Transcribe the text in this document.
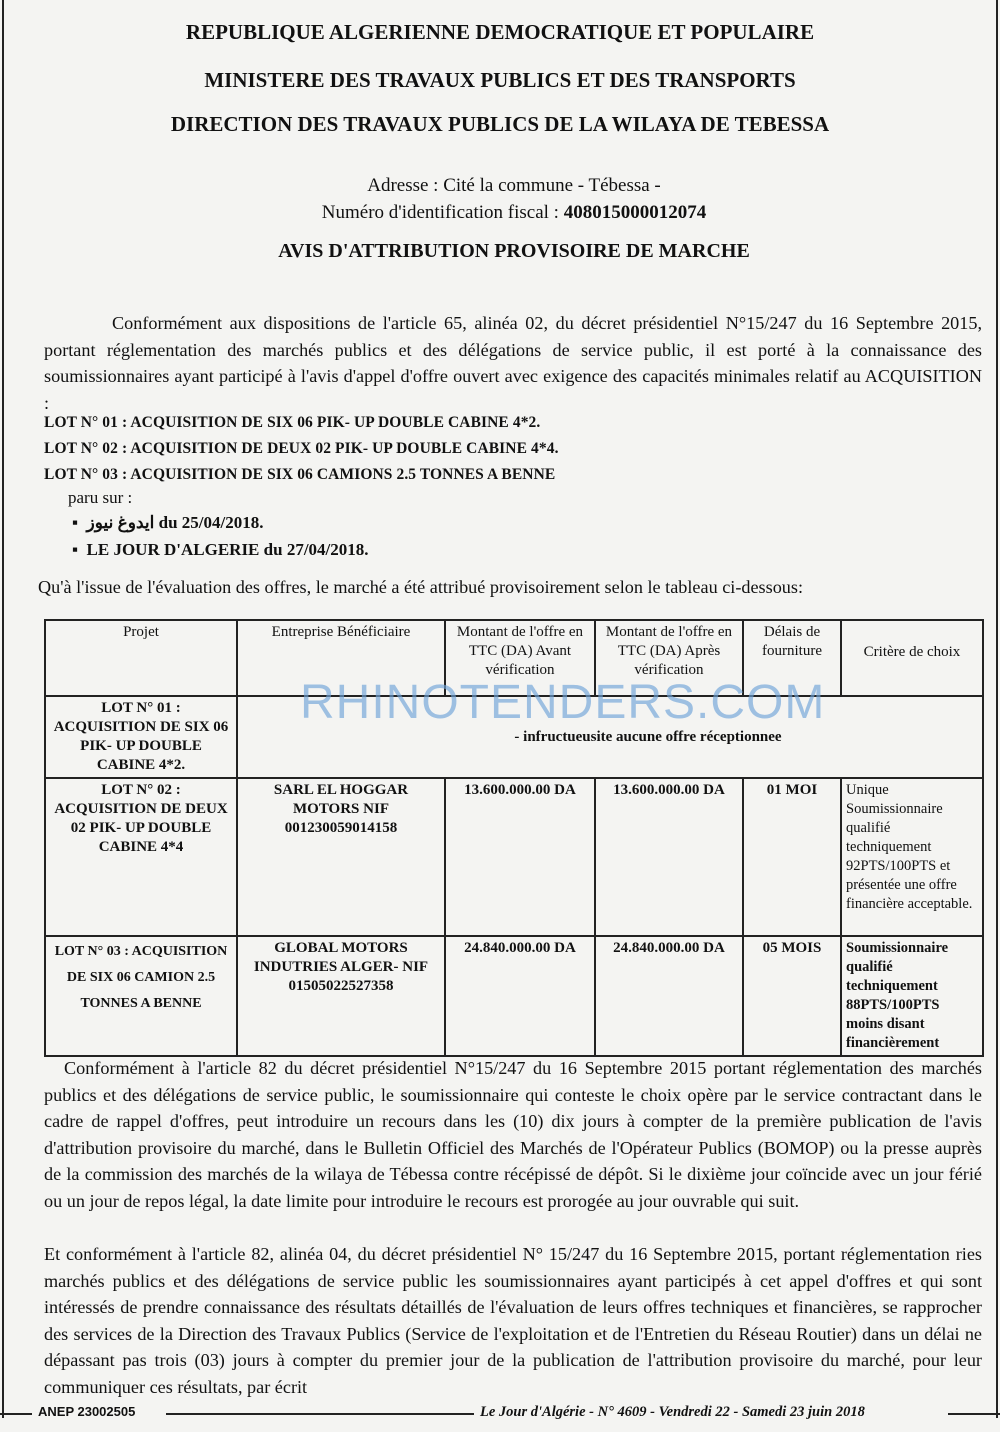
REPUBLIQUE ALGERIENNE DEMOCRATIQUE ET POPULAIRE
MINISTERE DES TRAVAUX PUBLICS ET DES TRANSPORTS
DIRECTION DES TRAVAUX PUBLICS DE LA WILAYA DE TEBESSA
Adresse : Cité la commune - Tébessa -
Numéro d'identification fiscal : 408015000012074
AVIS D'ATTRIBUTION PROVISOIRE DE MARCHE
Conformément aux dispositions de l'article 65, alinéa 02, du décret présidentiel N°15/247 du 16 Septembre 2015, portant réglementation des marchés publics et des délégations de service public, il est porté à la connaissance des soumissionnaires ayant participé à l'avis d'appel d'offre ouvert avec exigence des capacités minimales relatif au ACQUISITION :
LOT N° 01 : ACQUISITION DE SIX 06 PIK- UP DOUBLE CABINE 4*2.
LOT N° 02 : ACQUISITION DE DEUX 02 PIK- UP DOUBLE CABINE 4*4.
LOT N° 03 : ACQUISITION DE SIX 06 CAMIONS 2.5 TONNES A BENNE
paru sur :
▪  ايدوغ نيوز du 25/04/2018.
▪  LE JOUR D'ALGERIE du 27/04/2018.
Qu'à l'issue de l'évaluation des offres, le marché a été attribué provisoirement selon le tableau ci-dessous:
Projet	Entreprise Bénéficiaire	Montant de l'offre en TTC (DA) Avant vérification	Montant de l'offre en TTC (DA) Après vérification	Délais de fourniture	Critère de choix
LOT N° 01 : ACQUISITION DE SIX 06 PIK- UP DOUBLE CABINE 4*2.	- infructueusite aucune offre réceptionnee				
LOT N° 02 : ACQUISITION DE DEUX 02 PIK- UP DOUBLE CABINE 4*4	SARL EL HOGGAR MOTORS NIF 001230059014158	13.600.000.00 DA	13.600.000.00 DA	01 MOI	Unique Soumissionnaire qualifié techniquement 92PTS/100PTS et présentée une offre financière acceptable.
LOT N° 03 : ACQUISITION DE SIX 06 CAMION 2.5 TONNES A BENNE	GLOBAL MOTORS INDUTRIES ALGER- NIF 01505022527358	24.840.000.00 DA	24.840.000.00 DA	05 MOIS	Soumissionnaire qualifié techniquement 88PTS/100PTS moins disant financièrement
RHINOTENDERS.COM
Conformément à l'article 82 du décret présidentiel N°15/247 du 16 Septembre 2015 portant réglementation des marchés publics et des délégations de service public, le soumissionnaire qui conteste le choix opère par le service contractant dans le cadre de rappel d'offres, peut introduire un recours dans les (10) dix jours à compter de la première publication de l'avis d'attribution provisoire du marché, dans le Bulletin Officiel des Marchés de l'Opérateur Publics (BOMOP) ou la presse auprès de la commission des marchés de la wilaya de Tébessa contre récépissé de dépôt. Si le dixième jour coïncide avec un jour férié ou un jour de repos légal, la date limite pour introduire le recours est prorogée au jour ouvrable qui suit.
Et conformément à l'article 82, alinéa 04, du décret présidentiel N° 15/247 du 16 Septembre 2015, portant réglementation ries marchés publics et des délégations de service public les soumissionnaires ayant participés à cet appel d'offres et qui sont intéressés de prendre connaissance des résultats détaillés de l'évaluation de leurs offres techniques et financières, se rapprocher des services de la Direction des Travaux Publics (Service de l'exploitation et de l'Entretien du Réseau Routier) dans un délai ne dépassant pas trois (03) jours à compter du premier jour de la publication de l'attribution provisoire du marché, pour leur communiquer ces résultats, par écrit
ANEP 23002505	Le Jour d'Algérie - N° 4609 - Vendredi 22 - Samedi 23 juin 2018
